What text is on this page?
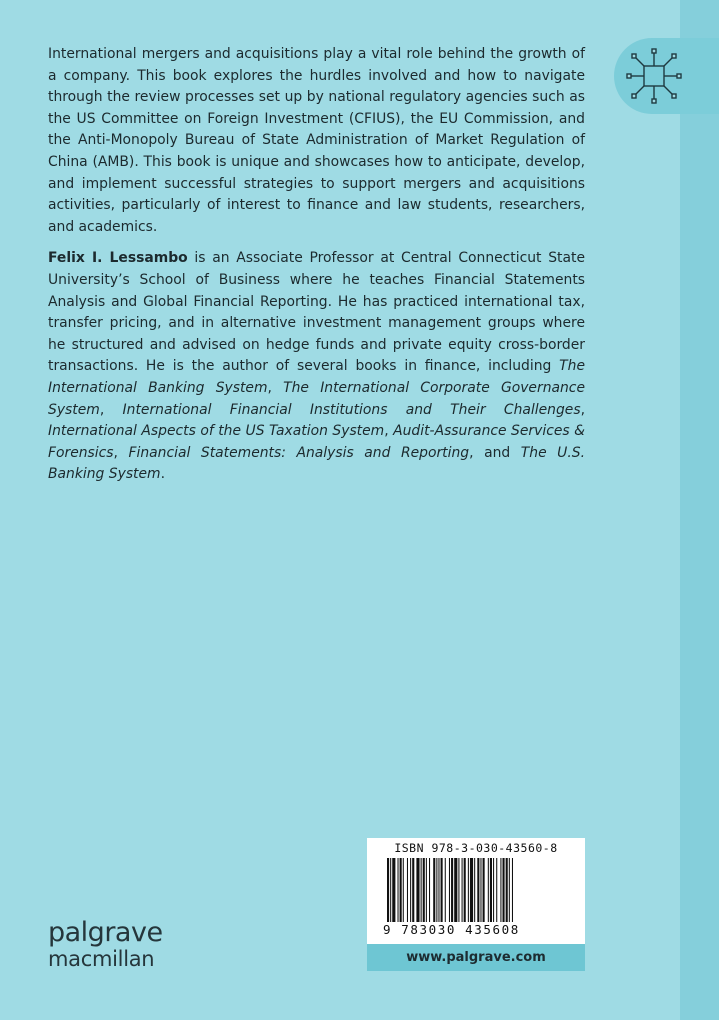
International mergers and acquisitions play a vital role behind the growth of a company. This book explores the hurdles involved and how to navigate through the review processes set up by national regulatory agencies such as the US Committee on Foreign Investment (CFIUS), the EU Commission, and the Anti-Monopoly Bureau of State Administration of Market Regulation of China (AMB). This book is unique and showcases how to anticipate, develop, and implement successful strategies to support mergers and acquisitions activities, particularly of interest to finance and law students, researchers, and academics.

Felix I. Lessambo is an Associate Professor at Central Connecticut State University’s School of Business where he teaches Financial Statements Analysis and Global Financial Reporting. He has practiced international tax, transfer pricing, and in alternative investment management groups where he structured and advised on hedge funds and private equity cross-border transactions. He is the author of several books in finance, including The International Banking System, The International Corporate Governance System, International Financial Institutions and Their Challenges, International Aspects of the US Taxation System, Audit-Assurance Services & Forensics, Financial Statements: Analysis and Reporting, and The U.S. Banking System.

ISBN 978-3-030-43560-8
9 783030 435608
www.palgrave.com
palgrave
macmillan
